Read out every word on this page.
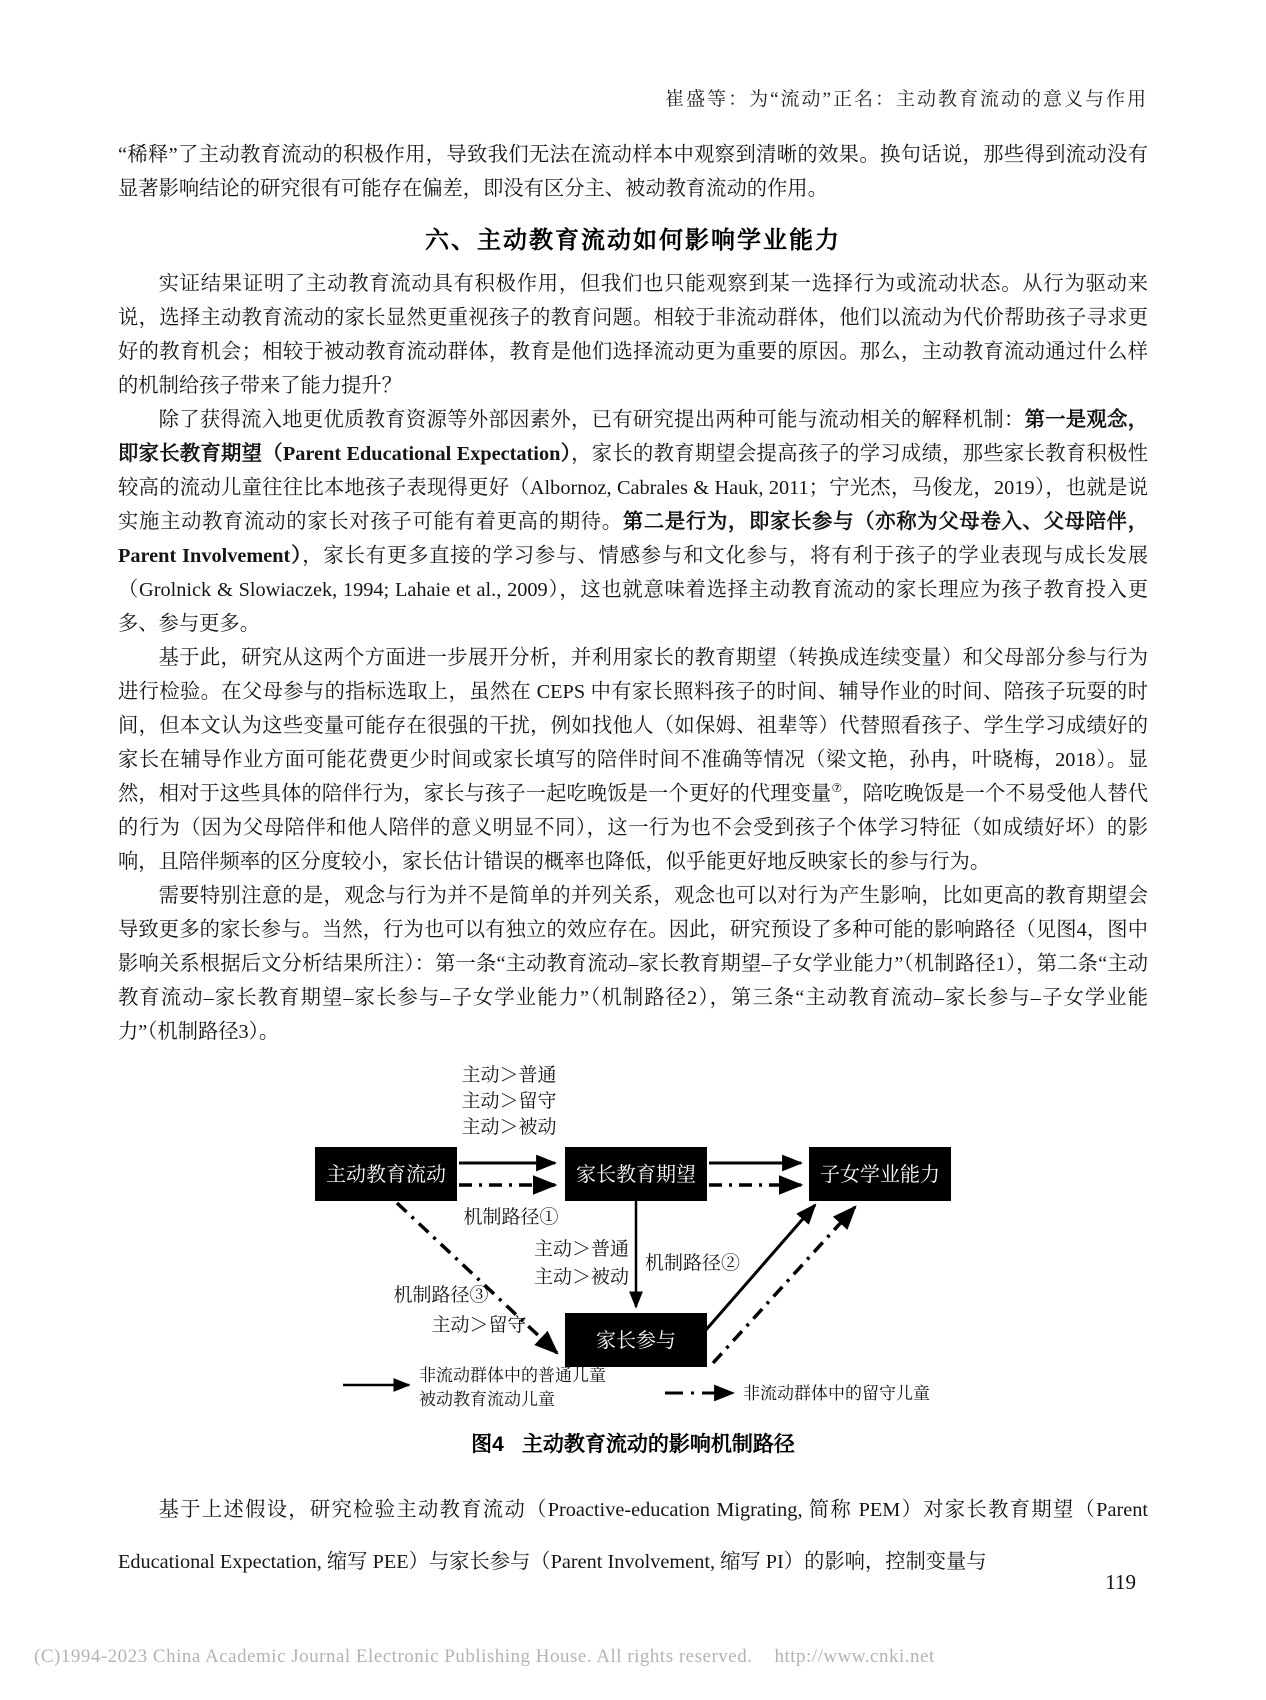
崔盛等：为“流动”正名：主动教育流动的意义与作用

“稀释”了主动教育流动的积极作用，导致我们无法在流动样本中观察到清晰的效果。换句话说，那些得到流动没有显著影响结论的研究很有可能存在偏差，即没有区分主、被动教育流动的作用。

六、主动教育流动如何影响学业能力

实证结果证明了主动教育流动具有积极作用，但我们也只能观察到某一选择行为或流动状态。从行为驱动来说，选择主动教育流动的家长显然更重视孩子的教育问题。相较于非流动群体，他们以流动为代价帮助孩子寻求更好的教育机会；相较于被动教育流动群体，教育是他们选择流动更为重要的原因。那么，主动教育流动通过什么样的机制给孩子带来了能力提升？

除了获得流入地更优质教育资源等外部因素外，已有研究提出两种可能与流动相关的解释机制：第一是观念，即家长教育期望（Parent Educational Expectation），家长的教育期望会提高孩子的学习成绩，那些家长教育积极性较高的流动儿童往往比本地孩子表现得更好（Albornoz, Cabrales & Hauk, 2011；宁光杰，马俊龙，2019），也就是说实施主动教育流动的家长对孩子可能有着更高的期待。第二是行为，即家长参与（亦称为父母卷入、父母陪伴，Parent Involvement），家长有更多直接的学习参与、情感参与和文化参与，将有利于孩子的学业表现与成长发展（Grolnick & Slowiaczek, 1994; Lahaie et al., 2009），这也就意味着选择主动教育流动的家长理应为孩子教育投入更多、参与更多。

基于此，研究从这两个方面进一步展开分析，并利用家长的教育期望（转换成连续变量）和父母部分参与行为进行检验。在父母参与的指标选取上，虽然在 CEPS 中有家长照料孩子的时间、辅导作业的时间、陪孩子玩耍的时间，但本文认为这些变量可能存在很强的干扰，例如找他人（如保姆、祖辈等）代替照看孩子、学生学习成绩好的家长在辅导作业方面可能花费更少时间或家长填写的陪伴时间不准确等情况（梁文艳，孙冉，叶晓梅，2018）。显然，相对于这些具体的陪伴行为，家长与孩子一起吃晚饭是一个更好的代理变量⑦，陪吃晚饭是一个不易受他人替代的行为（因为父母陪伴和他人陪伴的意义明显不同），这一行为也不会受到孩子个体学习特征（如成绩好坏）的影响，且陪伴频率的区分度较小，家长估计错误的概率也降低，似乎能更好地反映家长的参与行为。

需要特别注意的是，观念与行为并不是简单的并列关系，观念也可以对行为产生影响，比如更高的教育期望会导致更多的家长参与。当然，行为也可以有独立的效应存在。因此，研究预设了多种可能的影响路径（见图4，图中影响关系根据后文分析结果所注）：第一条“主动教育流动–家长教育期望–子女学业能力”（机制路径1），第二条“主动教育流动–家长教育期望–家长参与–子女学业能力”（机制路径2），第三条“主动教育流动–家长参与–子女学业能力”（机制路径3）。

主动＞普通
主动＞留守
主动＞被动
主动教育流动	家长教育期望	子女学业能力
机制路径①
主动＞普通
主动＞被动
机制路径②
家长参与
机制路径③
主动＞留守
非流动群体中的普通儿童
被动教育流动儿童	非流动群体中的留守儿童
图4 主动教育流动的影响机制路径

基于上述假设，研究检验主动教育流动（Proactive-education Migrating, 简称 PEM）对家长教育期望（Parent Educational Expectation, 缩写 PEE）与家长参与（Parent Involvement, 缩写 PI）的影响，控制变量与

119
(C)1994-2023 China Academic Journal Electronic Publishing House. All rights reserved. http://www.cnki.net
